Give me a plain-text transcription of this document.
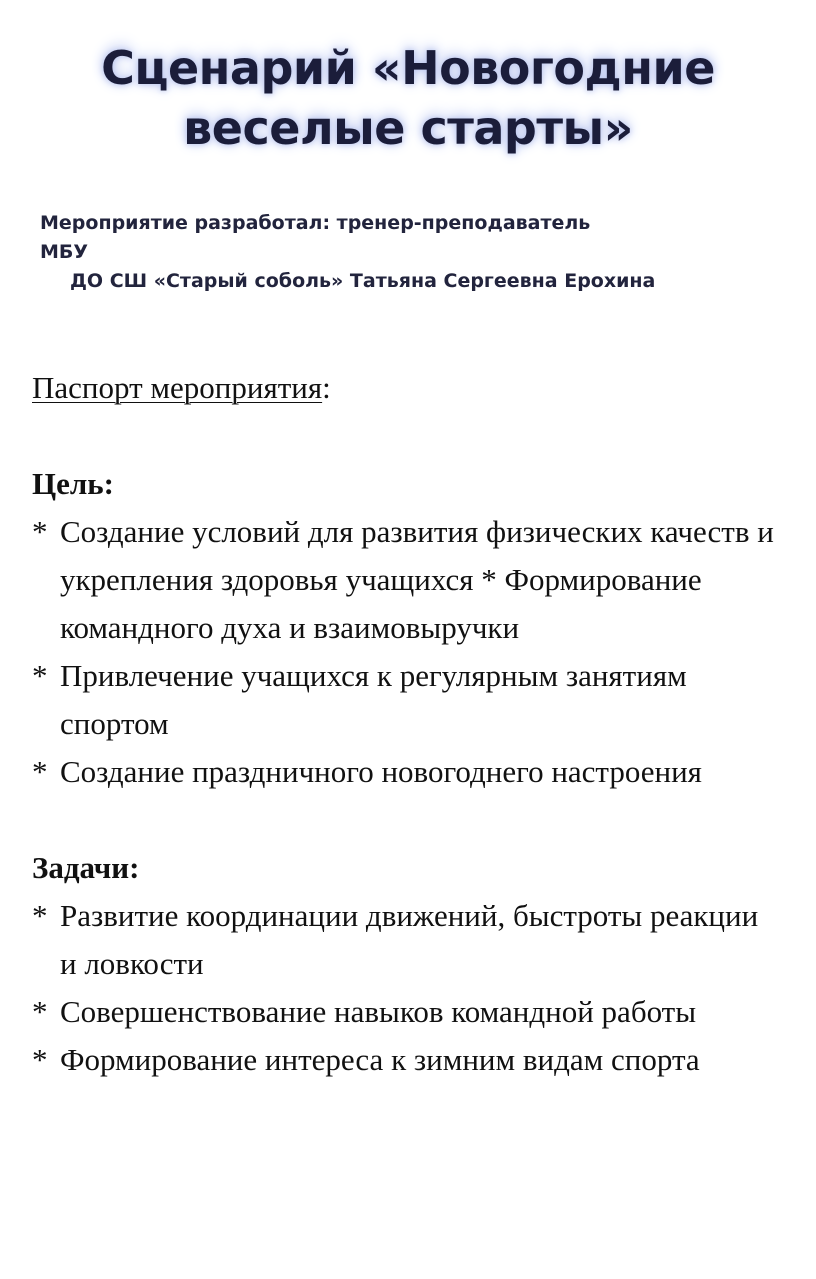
Сценарий «Новогодние
веселые старты»
Мероприятие разработал: тренер-преподаватель
МБУ
ДО СШ «Старый соболь» Татьяна Сергеевна Ерохина
Паспорт мероприятия:
Цель:
* Создание условий для развития физических качеств и укрепления здоровья учащихся * Формирование командного духа и взаимовыручки
* Привлечение учащихся к регулярным занятиям спортом
* Создание праздничного новогоднего настроения
Задачи:
* Развитие координации движений, быстроты реакции и ловкости
* Совершенствование навыков командной работы
* Формирование интереса к зимним видам спорта
